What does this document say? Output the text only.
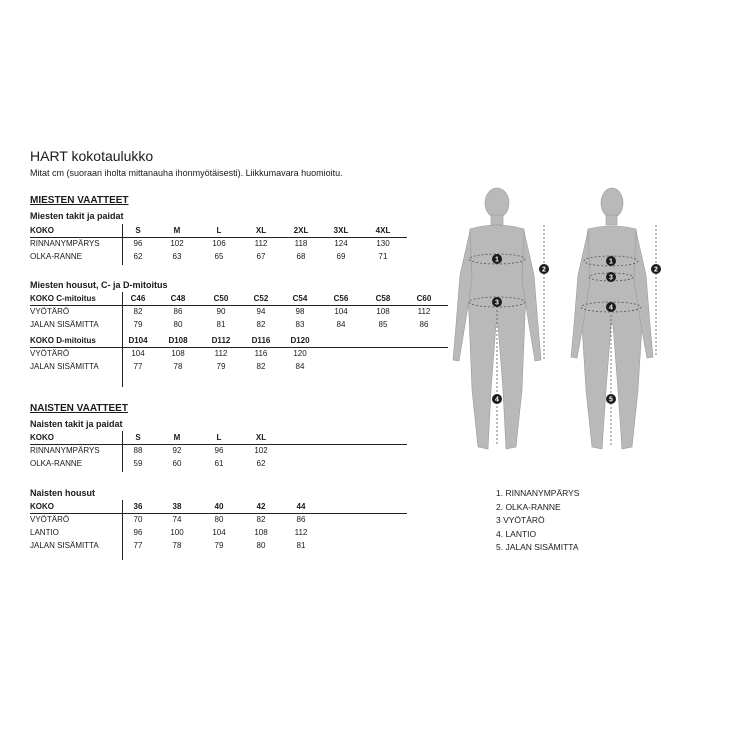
HART kokotaulukko
Mitat cm (suoraan iholta mittanauha ihonmyötäisesti). Liikkumavara huomioitu.
MIESTEN VAATTEET
Miesten takit ja paidat
KOKO	S	M	L	XL	2XL	3XL	4XL
RINNANYMPÄRYS	96	102	106	112	118	124	130
OLKA-RANNE	62	63	65	67	68	69	71
Miesten housut, C- ja D-mitoitus
KOKO C-mitoitus	C46	C48	C50	C52	C54	C56	C58	C60
VYÖTÄRÖ	82	86	90	94	98	104	108	112
JALAN SISÄMITTA	79	80	81	82	83	84	85	86
KOKO D-mitoitus	D104	D108	D112	D116	D120
VYÖTÄRÖ	104	108	112	116	120
JALAN SISÄMITTA	77	78	79	82	84
NAISTEN VAATTEET
Naisten takit ja paidat
KOKO	S	M	L	XL
RINNANYMPÄRYS	88	92	96	102
OLKA-RANNE	59	60	61	62
Naisten housut
KOKO	36	38	40	42	44
VYÖTÄRÖ	70	74	80	82	86
LANTIO	96	100	104	108	112
JALAN SISÄMITTA	77	78	79	80	81
1
2
3
4
2
1
3
4
5
1. RINNANYMPÄRYS
2. OLKA-RANNE
3 VYÖTÄRÖ
4. LANTIO
5. JALAN SISÄMITTA
